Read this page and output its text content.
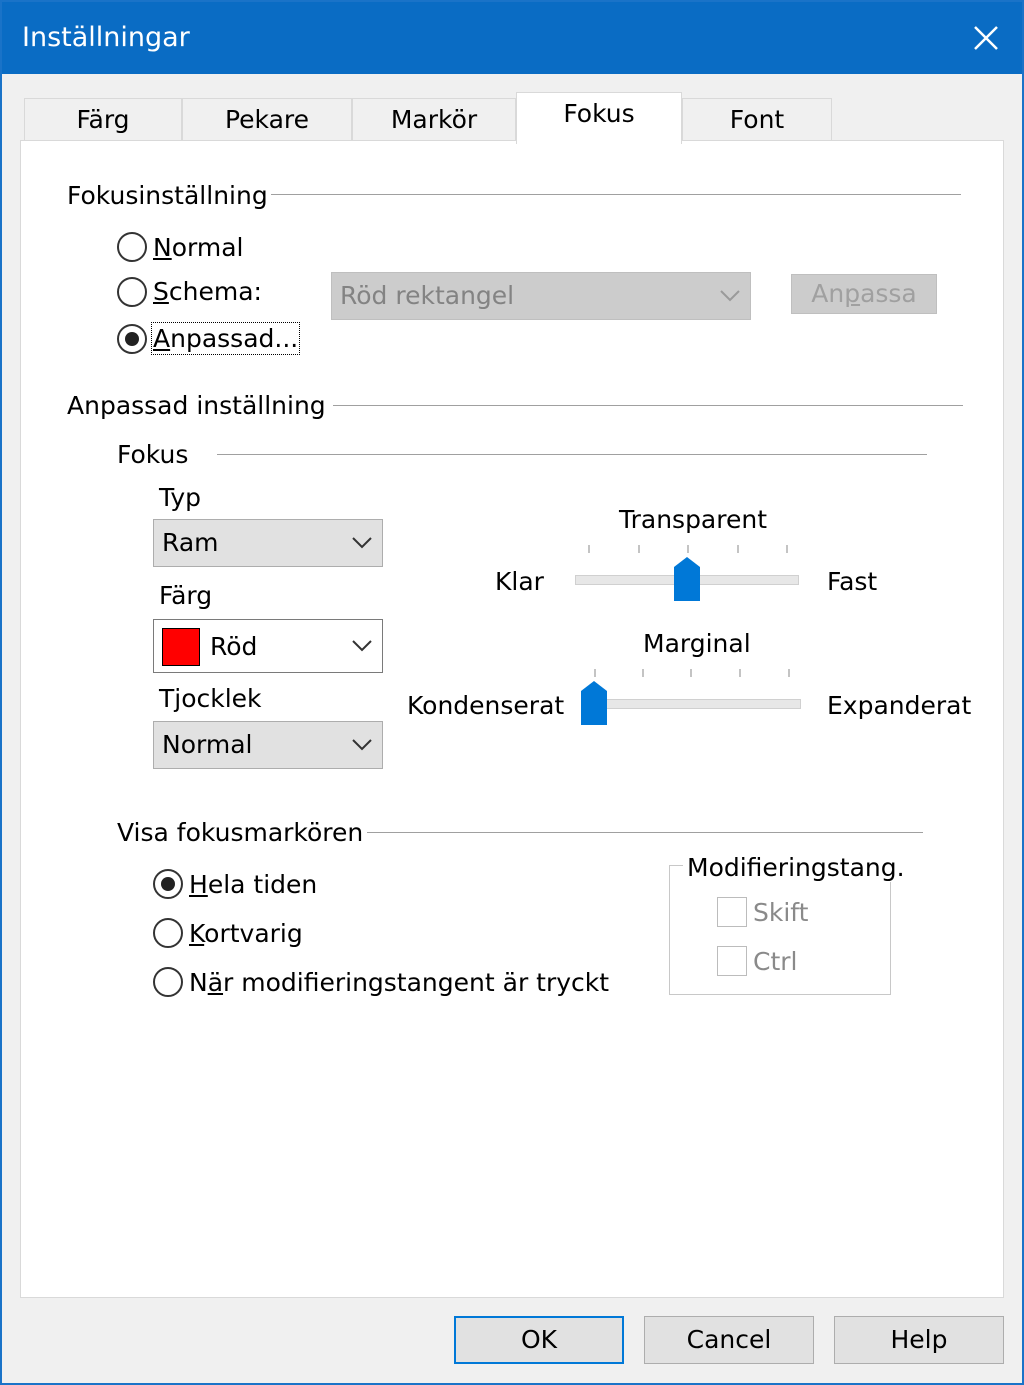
Inställningar
Färg	Pekare	Markör	Fokus	Font
Fokusinställning
Normal
Schema:
Anpassad...
Röd rektangel	Anpassa
Anpassad inställning
Fokus
Typ
Ram
Färg
Röd
Tjocklek
Normal
Transparent
Klar	Fast
Marginal
Kondenserat	Expanderat
Visa fokusmarkören
Hela tiden
Kortvarig
När modifieringstangent är tryckt
Modifieringstang.
Skift
Ctrl
OK	Cancel	Help
